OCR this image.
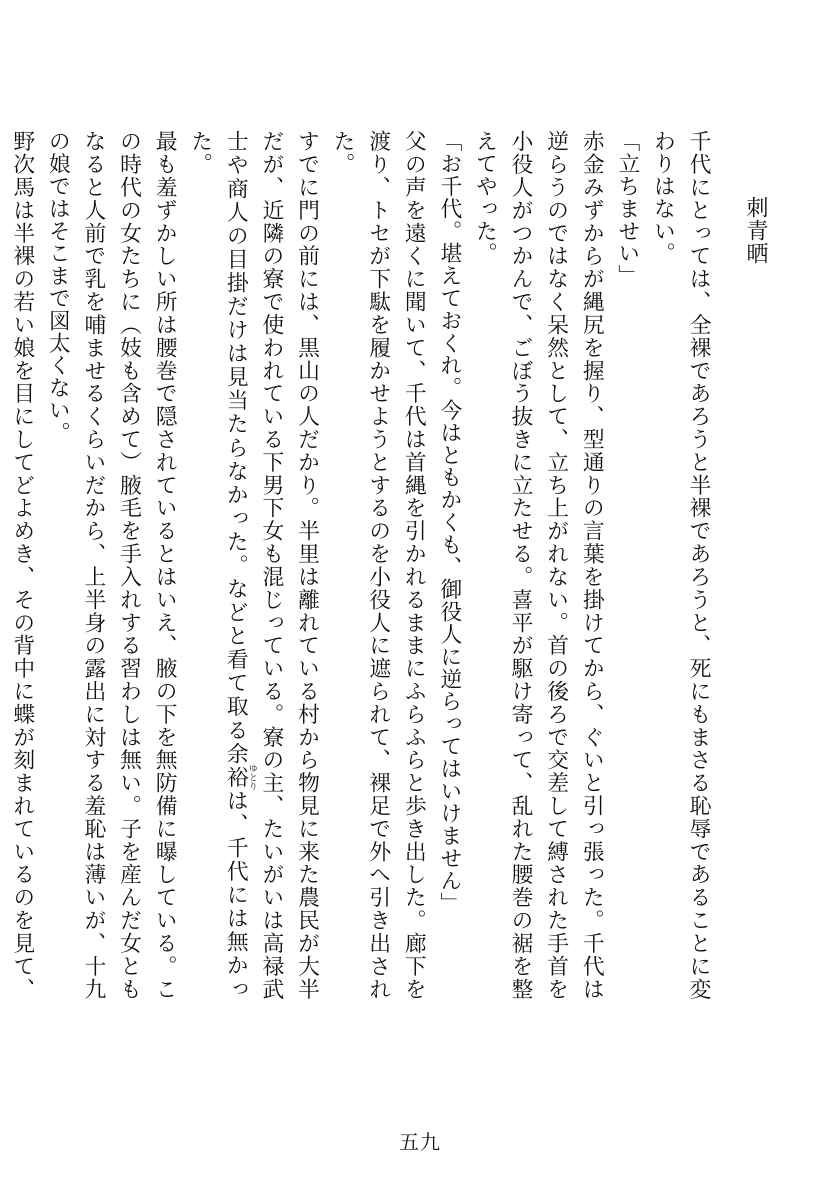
刺青晒

千代にとっては、全裸であろうと半裸であろうと、死にもまさる恥辱であることに変わりはない。

「立ちませい」

赤金みずからが縄尻を握り、型通りの言葉を掛けてから、ぐいと引っ張った。千代は逆らうのではなく呆然として、立ち上がれない。首の後ろで交差して縛された手首を小役人がつかんで、ごぼう抜きに立たせる。喜平が駆け寄って、乱れた腰巻の裾を整えてやった。

「お千代。堪えておくれ。今はともかくも、御役人に逆らってはいけません」

父の声を遠くに聞いて、千代は首縄を引かれるままにふらふらと歩き出した。廊下を渡り、トセが下駄を履かせようとするのを小役人に遮られて、裸足で外へ引き出された。

すでに門の前には、黒山の人だかり。半里は離れている村から物見に来た農民が大半だが、近隣の寮で使われている下男下女も混じっている。寮の主、たいがいは高禄武士や商人の目掛だけは見当たらなかった。などと看て取る余裕ゆとりは、千代には無かった。

最も羞ずかしい所は腰巻で隠されているとはいえ、腋の下を無防備に曝している。この時代の女たちに（妓も含めて）腋毛を手入れする習わしは無い。子を産んだ女ともなると人前で乳を哺ませるくらいだから、上半身の露出に対する羞恥は薄いが、十九の娘ではそこまで図太くない。

野次馬は半裸の若い娘を目にしてどよめき、その背中に蝶が刻まれているのを見て、

五九
